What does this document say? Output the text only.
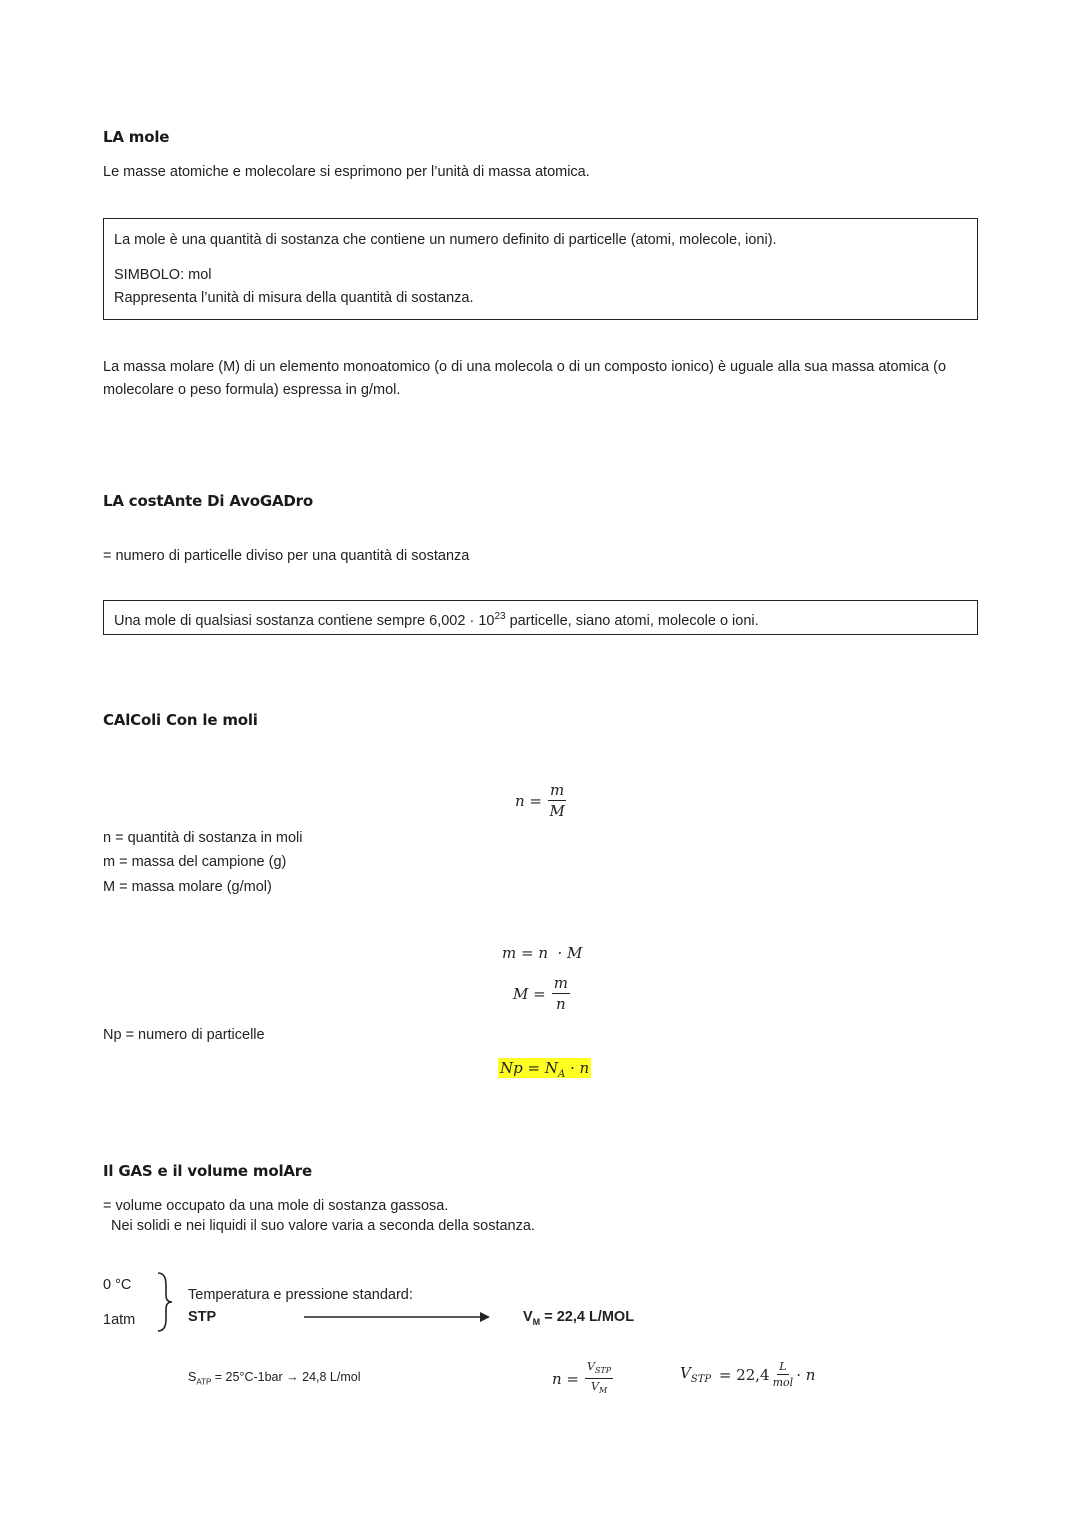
LA mole
Le masse atomiche e molecolare si esprimono per l’unità di massa atomica.
La mole è una quantità di sostanza che contiene un numero definito di particelle (atomi, molecole, ioni).
SIMBOLO: mol
Rappresenta l’unità di misura della quantità di sostanza.
La massa molare (M) di un elemento monoatomico (o di una molecola o di un composto ionico) è uguale alla sua massa atomica (o
molecolare o peso formula) espressa in g/mol.
LA costAnte Di AvoGADro
= numero di particelle diviso per una quantità di sostanza
Una mole di qualsiasi sostanza contiene sempre $6,002 \cdot 10^{23}$ particelle, siano atomi, molecole o ioni.
CAlColi Con le moli
$n = \frac{m}{M}$
n = quantità di sostanza in moli
m = massa del campione (g)
M = massa molare (g/mol)
m = n  · M
$M = \frac{m}{n}$
Np = numero di particelle
$Np = N_A \cdot n$
Il GAS e il volume molAre
= volume occupato da una mole di sostanza gassosa.
Nei solidi e nei liquidi il suo valore varia a seconda della sostanza.
0 °C
1atm
Temperatura e pressione standard:
STP	$V_M = 22,4$ L/MOL
$S_{ATP} = 25^\circ C-1bar \to 24,8$ L/mol	$n = \frac{V_{STP}}{V_M}$	$V_{STP} = 22,4 \frac{L}{\text{mol}} \cdot n$
